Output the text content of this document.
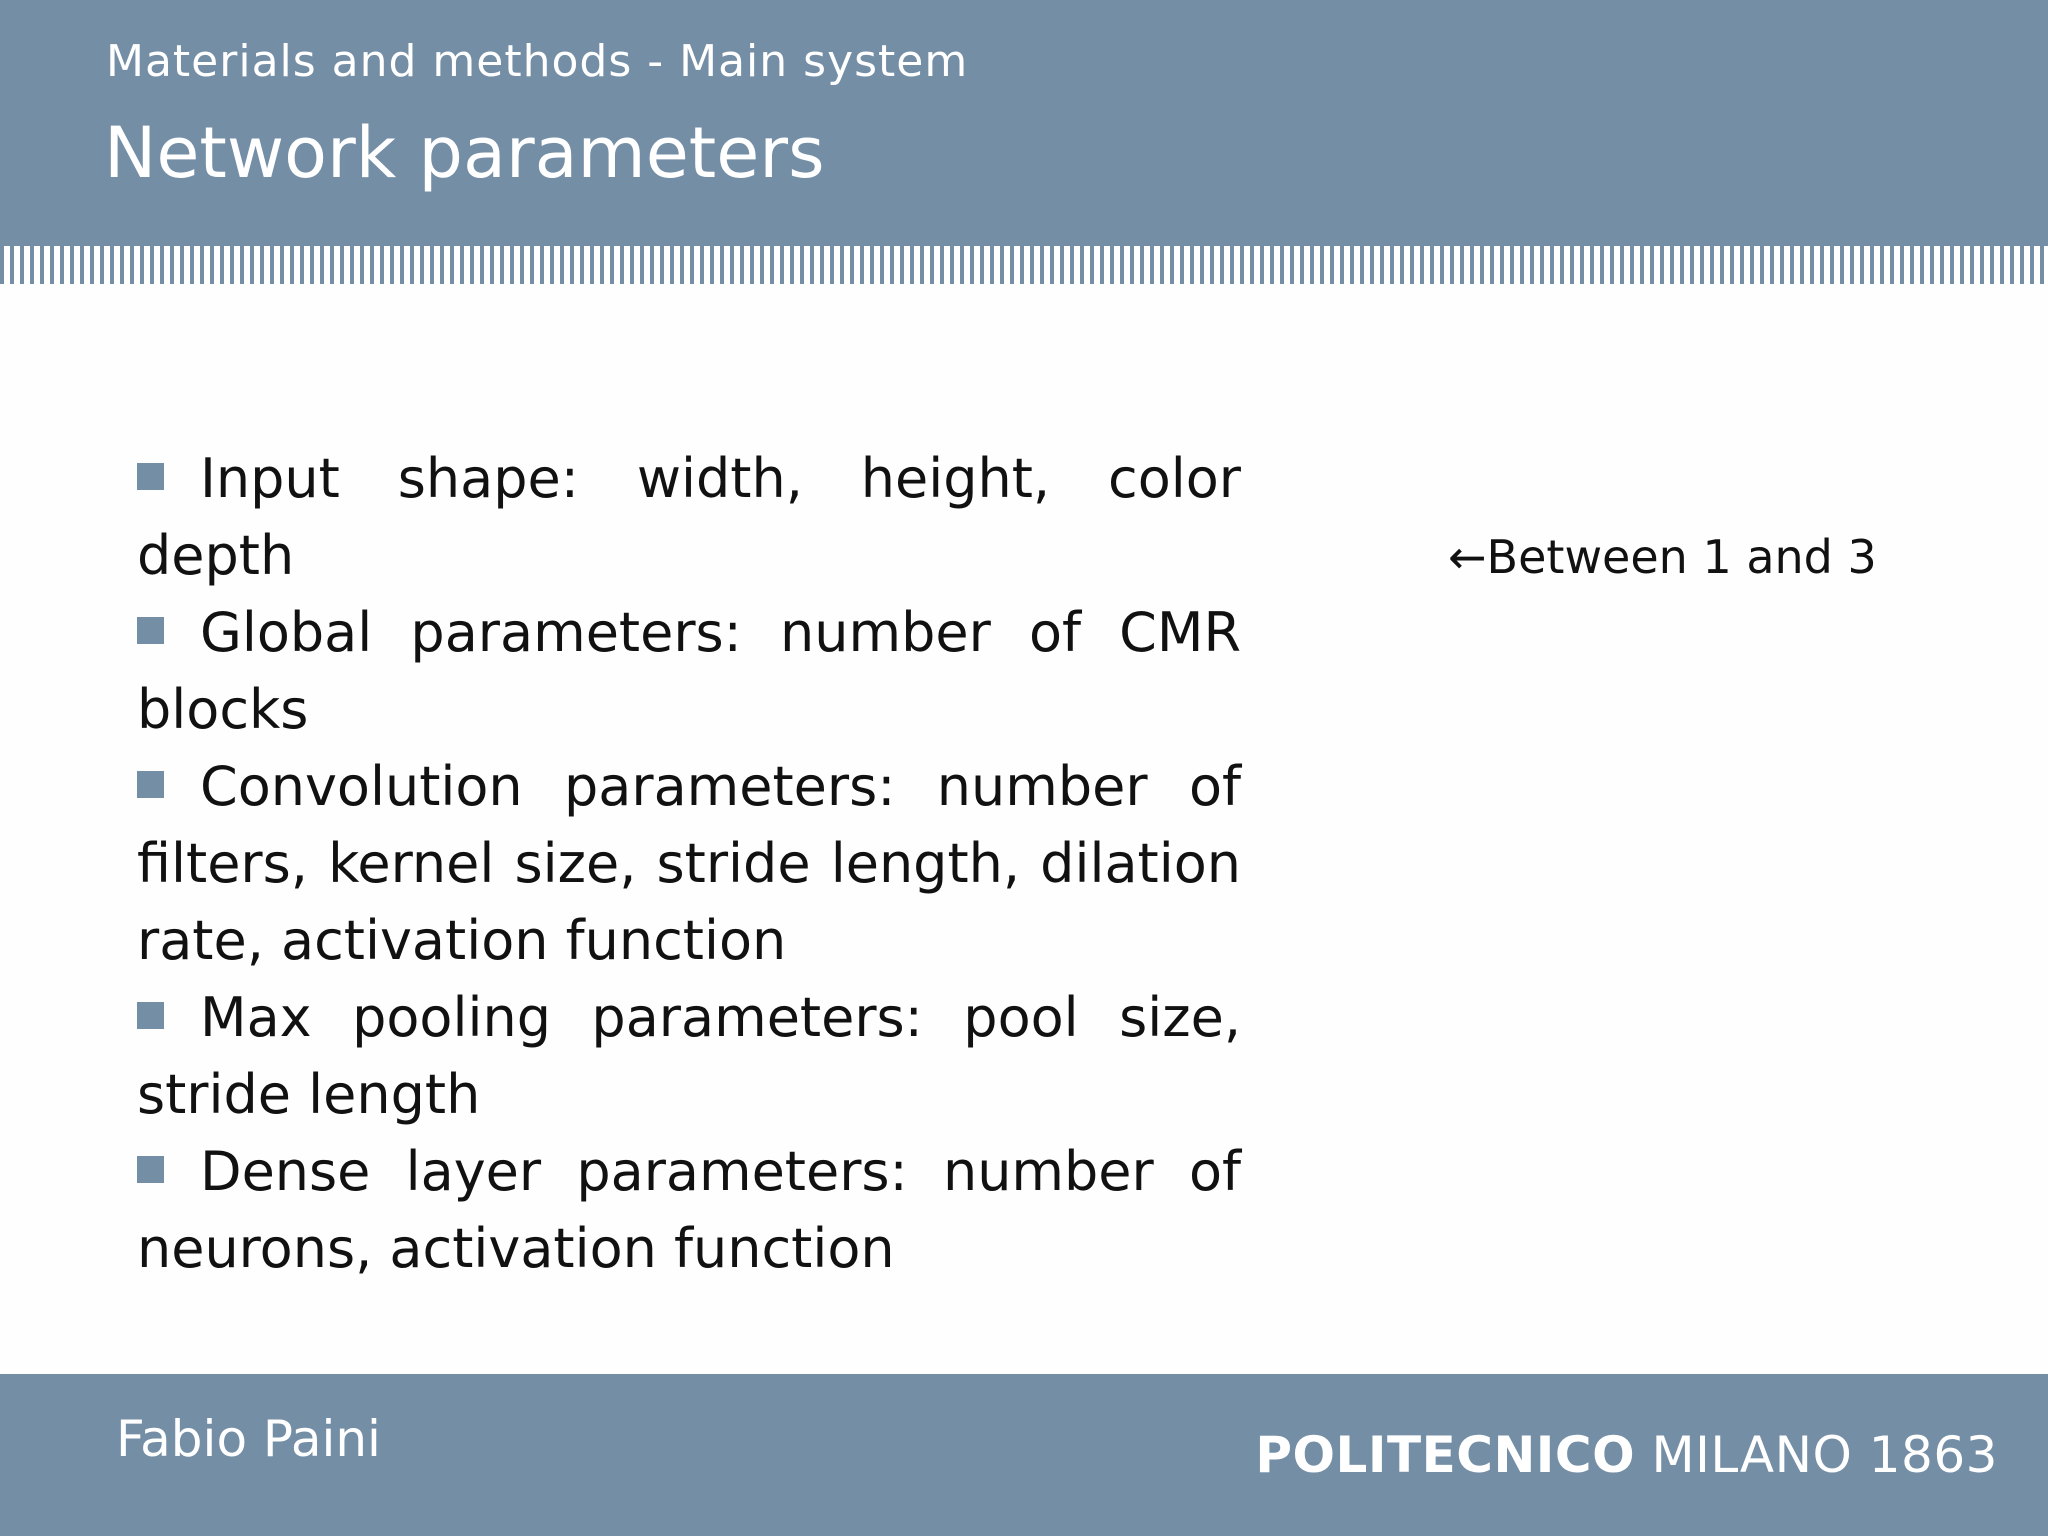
Materials and methods - Main system
Network parameters
Input shape: width, height, color depth
Global parameters: number of CMR blocks
Convolution parameters: number of filters, kernel size, stride length, dilation rate, activation function
Max pooling parameters: pool size, stride length
Dense layer parameters: number of neurons, activation function
←Between 1 and 3
Fabio Paini	POLITECNICO MILANO 1863
